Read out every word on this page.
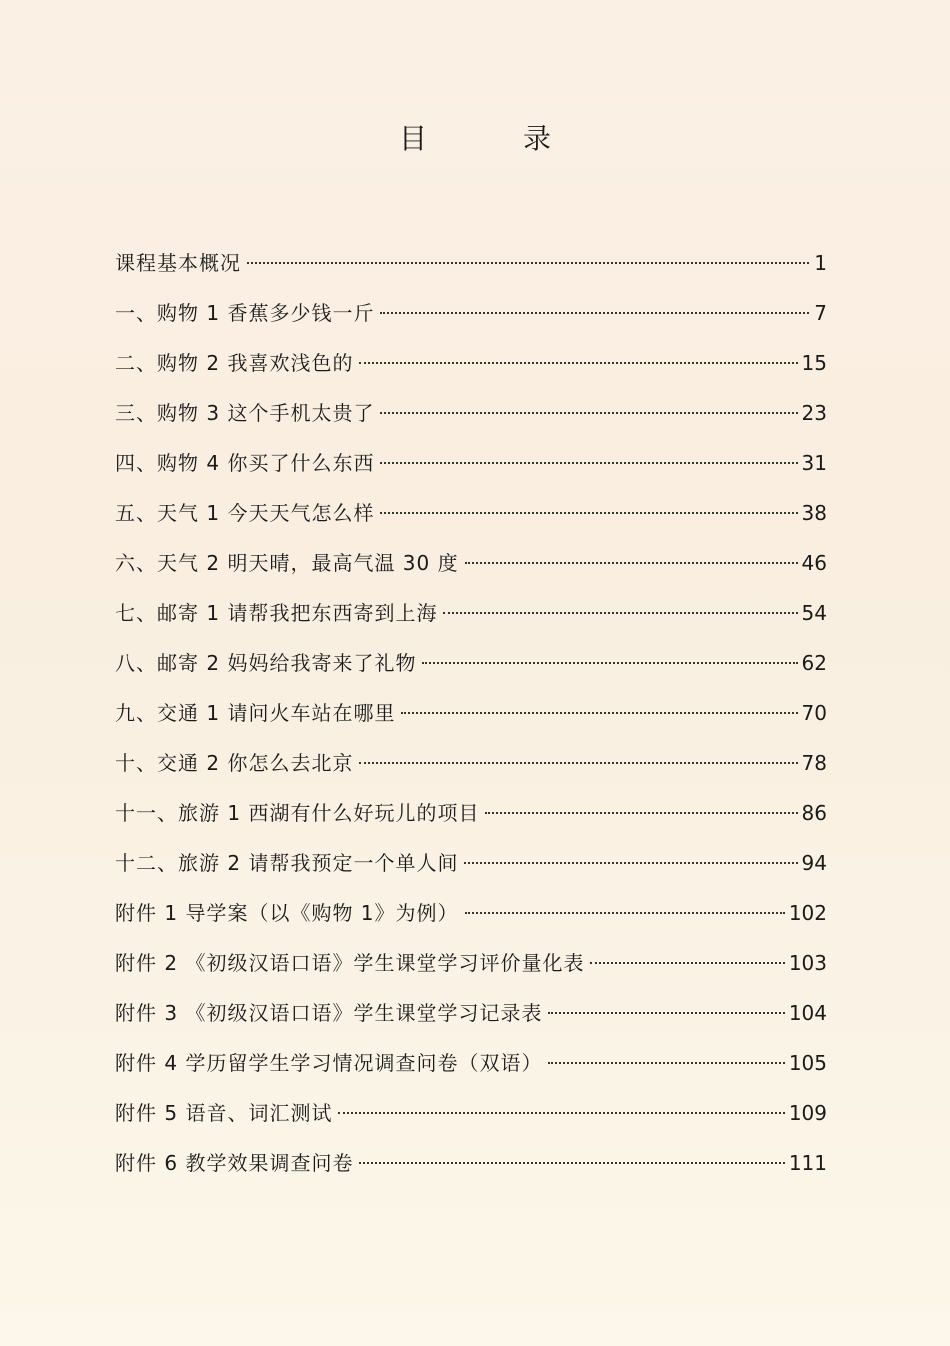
目　录
课程基本概况	1
一、购物 1 香蕉多少钱一斤	7
二、购物 2 我喜欢浅色的	15
三、购物 3 这个手机太贵了	23
四、购物 4 你买了什么东西	31
五、天气 1 今天天气怎么样	38
六、天气 2 明天晴，最高气温 30 度	46
七、邮寄 1 请帮我把东西寄到上海	54
八、邮寄 2 妈妈给我寄来了礼物	62
九、交通 1 请问火车站在哪里	70
十、交通 2 你怎么去北京	78
十一、旅游 1 西湖有什么好玩儿的项目	86
十二、旅游 2 请帮我预定一个单人间	94
附件 1 导学案（以《购物 1》为例）	102
附件 2 《初级汉语口语》学生课堂学习评价量化表	103
附件 3 《初级汉语口语》学生课堂学习记录表	104
附件 4 学历留学生学习情况调查问卷（双语）	105
附件 5 语音、词汇测试	109
附件 6 教学效果调查问卷	111
